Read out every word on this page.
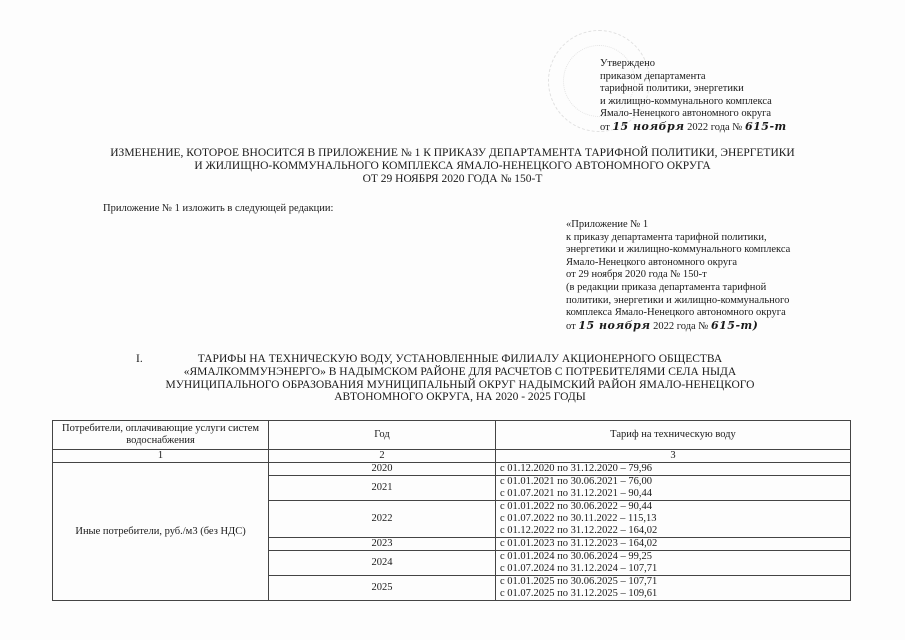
Утверждено
приказом департамента
тарифной политики, энергетики
и жилищно-коммунального комплекса
Ямало-Ненецкого автономного округа
от 15 ноября 2022 года № 615-т
ИЗМЕНЕНИЕ, КОТОРОЕ ВНОСИТСЯ В ПРИЛОЖЕНИЕ № 1 К ПРИКАЗУ ДЕПАРТАМЕНТА ТАРИФНОЙ ПОЛИТИКИ, ЭНЕРГЕТИКИ
И ЖИЛИЩНО-КОММУНАЛЬНОГО КОМПЛЕКСА ЯМАЛО-НЕНЕЦКОГО АВТОНОМНОГО ОКРУГА
ОТ 29 НОЯБРЯ 2020 ГОДА № 150-Т
Приложение № 1 изложить в следующей редакции:
«Приложение № 1
к приказу департамента тарифной политики,
энергетики и жилищно-коммунального комплекса
Ямало-Ненецкого автономного округа
от 29 ноября 2020 года № 150-т
(в редакции приказа департамента тарифной
политики, энергетики и жилищно-коммунального
комплекса Ямало-Ненецкого автономного округа
от 15 ноября 2022 года № 615-т)
I.	ТАРИФЫ НА ТЕХНИЧЕСКУЮ ВОДУ, УСТАНОВЛЕННЫЕ ФИЛИАЛУ АКЦИОНЕРНОГО ОБЩЕСТВА
«ЯМАЛКОММУНЭНЕРГО» В НАДЫМСКОМ РАЙОНЕ ДЛЯ РАСЧЕТОВ С ПОТРЕБИТЕЛЯМИ СЕЛА НЫДА
МУНИЦИПАЛЬНОГО ОБРАЗОВАНИЯ МУНИЦИПАЛЬНЫЙ ОКРУГ НАДЫМСКИЙ РАЙОН ЯМАЛО-НЕНЕЦКОГО
АВТОНОМНОГО ОКРУГА, НА 2020 - 2025 ГОДЫ
Потребители, оплачивающие услуги систем водоснабжения	Год	Тариф на техническую воду
1	2	3
Иные потребители, руб./м3 (без НДС)	2020	с 01.12.2020 по 31.12.2020 – 79,96

	2021	с 01.01.2021 по 30.06.2021 – 76,00
с 01.07.2021 по 31.12.2021 – 90,44

	2022	с 01.01.2022 по 30.06.2022 – 90,44
с 01.07.2022 по 30.11.2022 – 115,13
с 01.12.2022 по 31.12.2022 – 164,02

	2023	с 01.01.2023 по 31.12.2023 – 164,02

	2024	с 01.01.2024 по 30.06.2024 – 99,25
с 01.07.2024 по 31.12.2024 – 107,71

	2025	с 01.01.2025 по 30.06.2025 – 107,71
с 01.07.2025 по 31.12.2025 – 109,61
